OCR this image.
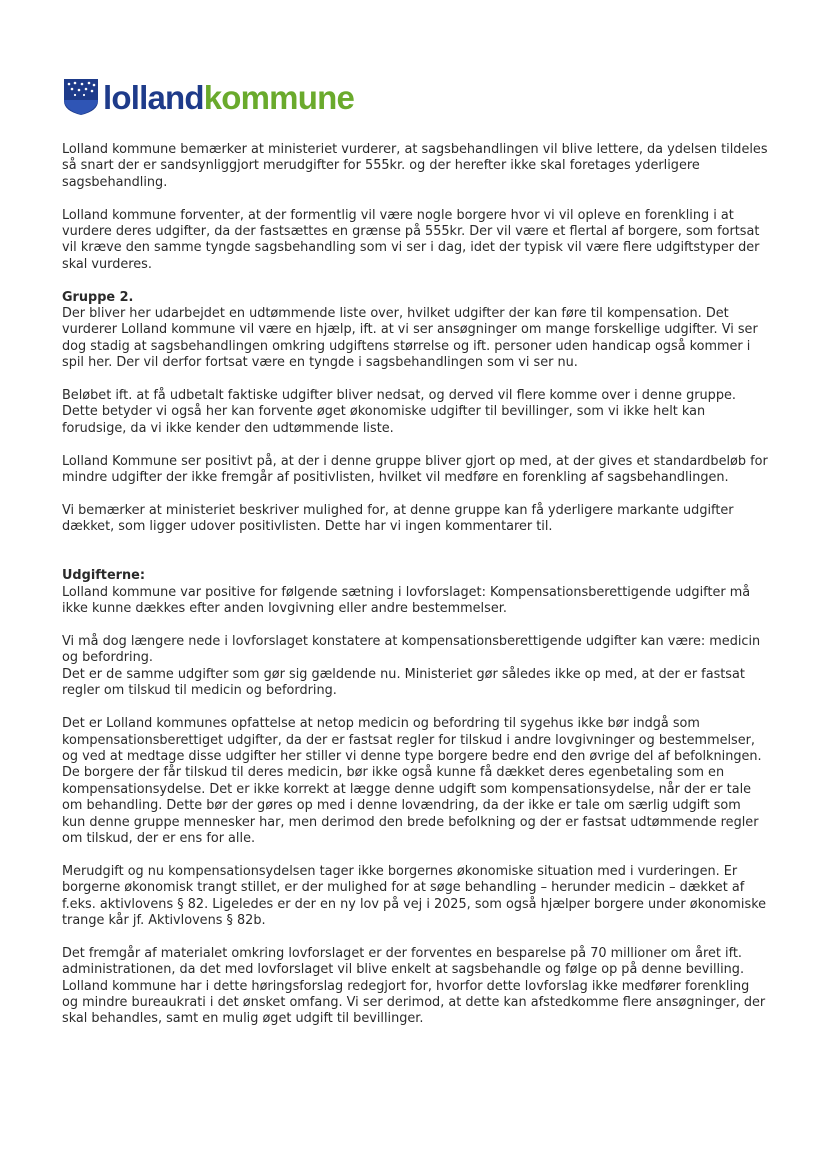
lollandkommune

Lolland kommune bemærker at ministeriet vurderer, at sagsbehandlingen vil blive lettere, da ydelsen tildeles så snart der er sandsynliggjort merudgifter for 555kr. og der herefter ikke skal foretages yderligere sagsbehandling.

Lolland kommune forventer, at der formentlig vil være nogle borgere hvor vi vil opleve en forenkling i at vurdere deres udgifter, da der fastsættes en grænse på 555kr. Der vil være et flertal af borgere, som fortsat vil kræve den samme tyngde sagsbehandling som vi ser i dag, idet der typisk vil være flere udgiftstyper der skal vurderes.

Gruppe 2.

Der bliver her udarbejdet en udtømmende liste over, hvilket udgifter der kan føre til kompensation. Det vurderer Lolland kommune vil være en hjælp, ift. at vi ser ansøgninger om mange forskellige udgifter. Vi ser dog stadig at sagsbehandlingen omkring udgiftens størrelse og ift. personer uden handicap også kommer i spil her. Der vil derfor fortsat være en tyngde i sagsbehandlingen som vi ser nu.

Beløbet ift. at få udbetalt faktiske udgifter bliver nedsat, og derved vil flere komme over i denne gruppe. Dette betyder vi også her kan forvente øget økonomiske udgifter til bevillinger, som vi ikke helt kan forudsige, da vi ikke kender den udtømmende liste.

Lolland Kommune ser positivt på, at der i denne gruppe bliver gjort op med, at der gives et standardbeløb for mindre udgifter der ikke fremgår af positivlisten, hvilket vil medføre en forenkling af sagsbehandlingen.

Vi bemærker at ministeriet beskriver mulighed for, at denne gruppe kan få yderligere markante udgifter dækket, som ligger udover positivlisten. Dette har vi ingen kommentarer til.

Udgifterne:

Lolland kommune var positive for følgende sætning i lovforslaget: Kompensationsberettigende udgifter må ikke kunne dækkes efter anden lovgivning eller andre bestemmelser.

Vi må dog længere nede i lovforslaget konstatere at kompensationsberettigende udgifter kan være: medicin og befordring.

Det er de samme udgifter som gør sig gældende nu. Ministeriet gør således ikke op med, at der er fastsat regler om tilskud til medicin og befordring.

Det er Lolland kommunes opfattelse at netop medicin og befordring til sygehus ikke bør indgå som kompensationsberettiget udgifter, da der er fastsat regler for tilskud i andre lovgivninger og bestemmelser, og ved at medtage disse udgifter her stiller vi denne type borgere bedre end den øvrige del af befolkningen. De borgere der får tilskud til deres medicin, bør ikke også kunne få dækket deres egenbetaling som en kompensationsydelse. Det er ikke korrekt at lægge denne udgift som kompensationsydelse, når der er tale om behandling. Dette bør der gøres op med i denne lovændring, da der ikke er tale om særlig udgift som kun denne gruppe mennesker har, men derimod den brede befolkning og der er fastsat udtømmende regler om tilskud, der er ens for alle.

Merudgift og nu kompensationsydelsen tager ikke borgernes økonomiske situation med i vurderingen. Er borgerne økonomisk trangt stillet, er der mulighed for at søge behandling – herunder medicin – dækket af f.eks. aktivlovens § 82. Ligeledes er der en ny lov på vej i 2025, som også hjælper borgere under økonomiske trange kår jf. Aktivlovens § 82b.

Det fremgår af materialet omkring lovforslaget er der forventes en besparelse på 70 millioner om året ift. administrationen, da det med lovforslaget vil blive enkelt at sagsbehandle og følge op på denne bevilling. Lolland kommune har i dette høringsforslag redegjort for, hvorfor dette lovforslag ikke medfører forenkling og mindre bureaukrati i det ønsket omfang. Vi ser derimod, at dette kan afstedkomme flere ansøgninger, der skal behandles, samt en mulig øget udgift til bevillinger.
